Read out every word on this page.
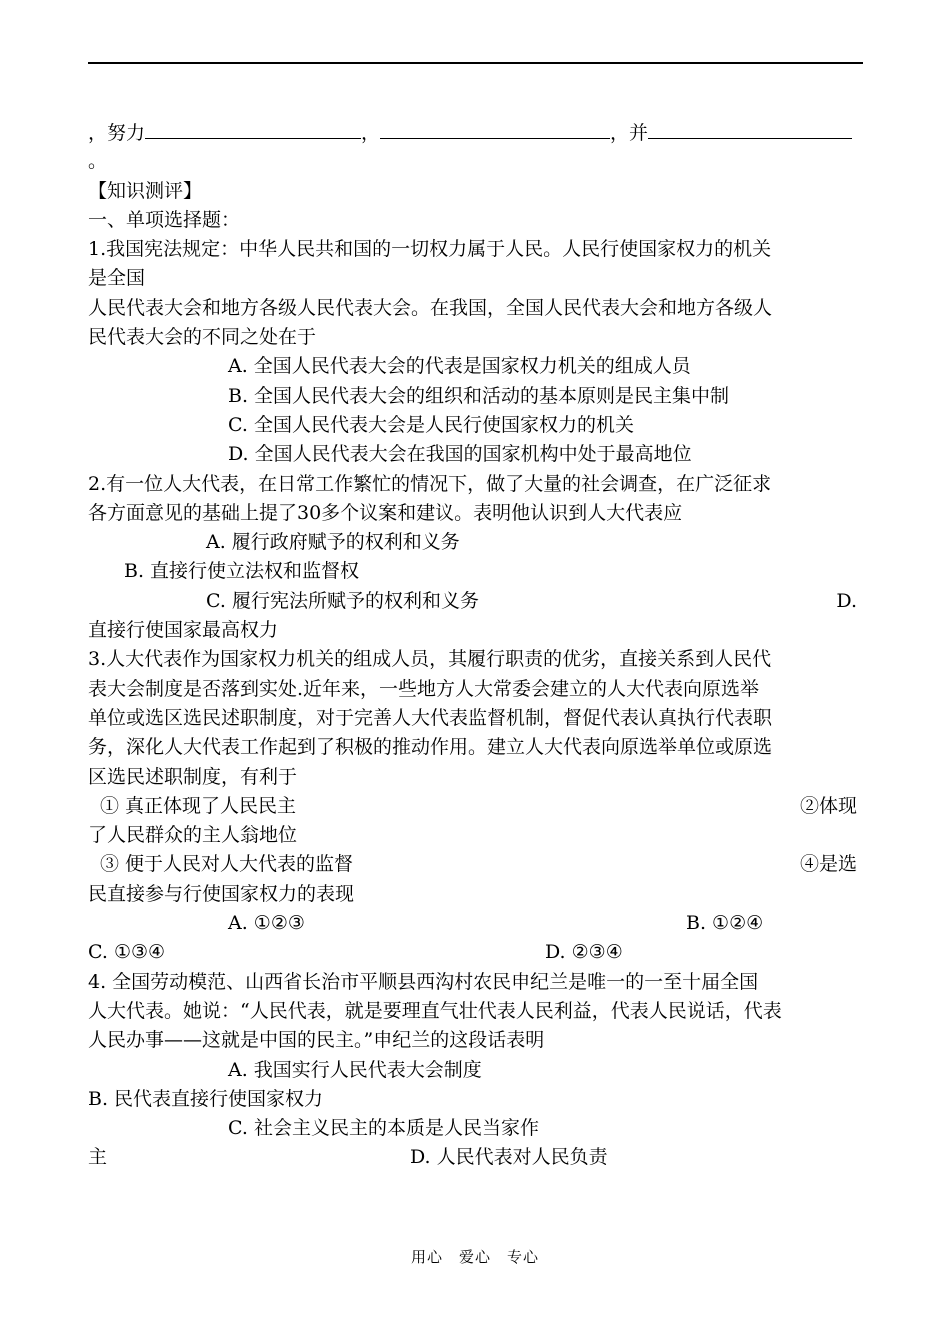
，努力	，	，并
。
【知识测评】
一、单项选择题：
1.我国宪法规定：中华人民共和国的一切权力属于人民。人民行使国家权力的机关
是全国
人民代表大会和地方各级人民代表大会。在我国，全国人民代表大会和地方各级人
民代表大会的不同之处在于
A. 全国人民代表大会的代表是国家权力机关的组成人员
B. 全国人民代表大会的组织和活动的基本原则是民主集中制
C. 全国人民代表大会是人民行使国家权力的机关
D. 全国人民代表大会在我国的国家机构中处于最高地位
2.有一位人大代表，在日常工作繁忙的情况下，做了大量的社会调查，在广泛征求
各方面意见的基础上提了30多个议案和建议。表明他认识到人大代表应
A. 履行政府赋予的权利和义务
B. 直接行使立法权和监督权
C. 履行宪法所赋予的权利和义务	D.
直接行使国家最高权力
3.人大代表作为国家权力机关的组成人员，其履行职责的优劣，直接关系到人民代
表大会制度是否落到实处.近年来，一些地方人大常委会建立的人大代表向原选举
单位或选区选民述职制度，对于完善人大代表监督机制，督促代表认真执行代表职
务，深化人大代表工作起到了积极的推动作用。建立人大代表向原选举单位或原选
区选民述职制度，有利于
① 真正体现了人民民主	②体现
了人民群众的主人翁地位
③ 便于人民对人大代表的监督	④是选
民直接参与行使国家权力的表现
A. ①②③	B. ①②④
C. ①③④	D. ②③④
4. 全国劳动模范、山西省长治市平顺县西沟村农民申纪兰是唯一的一至十届全国
人大代表。她说：“人民代表，就是要理直气壮代表人民利益，代表人民说话，代表
人民办事——这就是中国的民主。”申纪兰的这段话表明
A. 我国实行人民代表大会制度
B. 民代表直接行使国家权力
C. 社会主义民主的本质是人民当家作
主	D. 人民代表对人民负责
用心　爱心　专心
